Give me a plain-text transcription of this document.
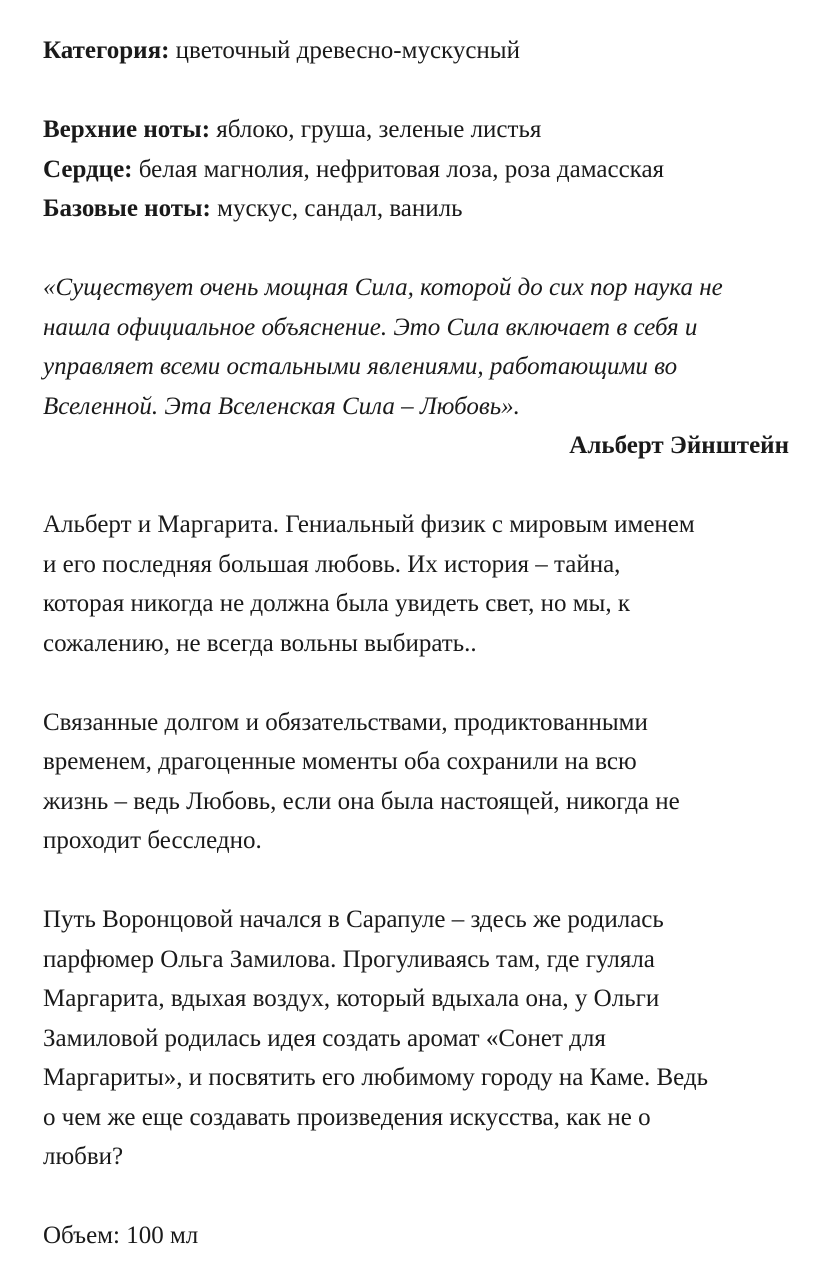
Категория: цветочный древесно-мускусный
Верхние ноты: яблоко, груша, зеленые листья
Сердце: белая магнолия, нефритовая лоза, роза дамасская
Базовые ноты: мускус, сандал, ваниль
«Существует очень мощная Сила, которой до сих пор наука не
нашла официальное объяснение. Это Сила включает в себя и
управляет всеми остальными явлениями, работающими во
Вселенной. Эта Вселенская Сила – Любовь».
Альберт Эйнштейн
Альберт и Маргарита. Гениальный физик с мировым именем
и его последняя большая любовь. Их история – тайна,
которая никогда не должна была увидеть свет, но мы, к
сожалению, не всегда вольны выбирать..
Связанные долгом и обязательствами, продиктованными
временем, драгоценные моменты оба сохранили на всю
жизнь – ведь Любовь, если она была настоящей, никогда не
проходит бесследно.
Путь Воронцовой начался в Сарапуле – здесь же родилась
парфюмер Ольга Замилова. Прогуливаясь там, где гуляла
Маргарита, вдыхая воздух, который вдыхала она, у Ольги
Замиловой родилась идея создать аромат «Сонет для
Маргариты», и посвятить его любимому городу на Каме. Ведь
о чем же еще создавать произведения искусства, как не о
любви?
Объем: 100 мл
